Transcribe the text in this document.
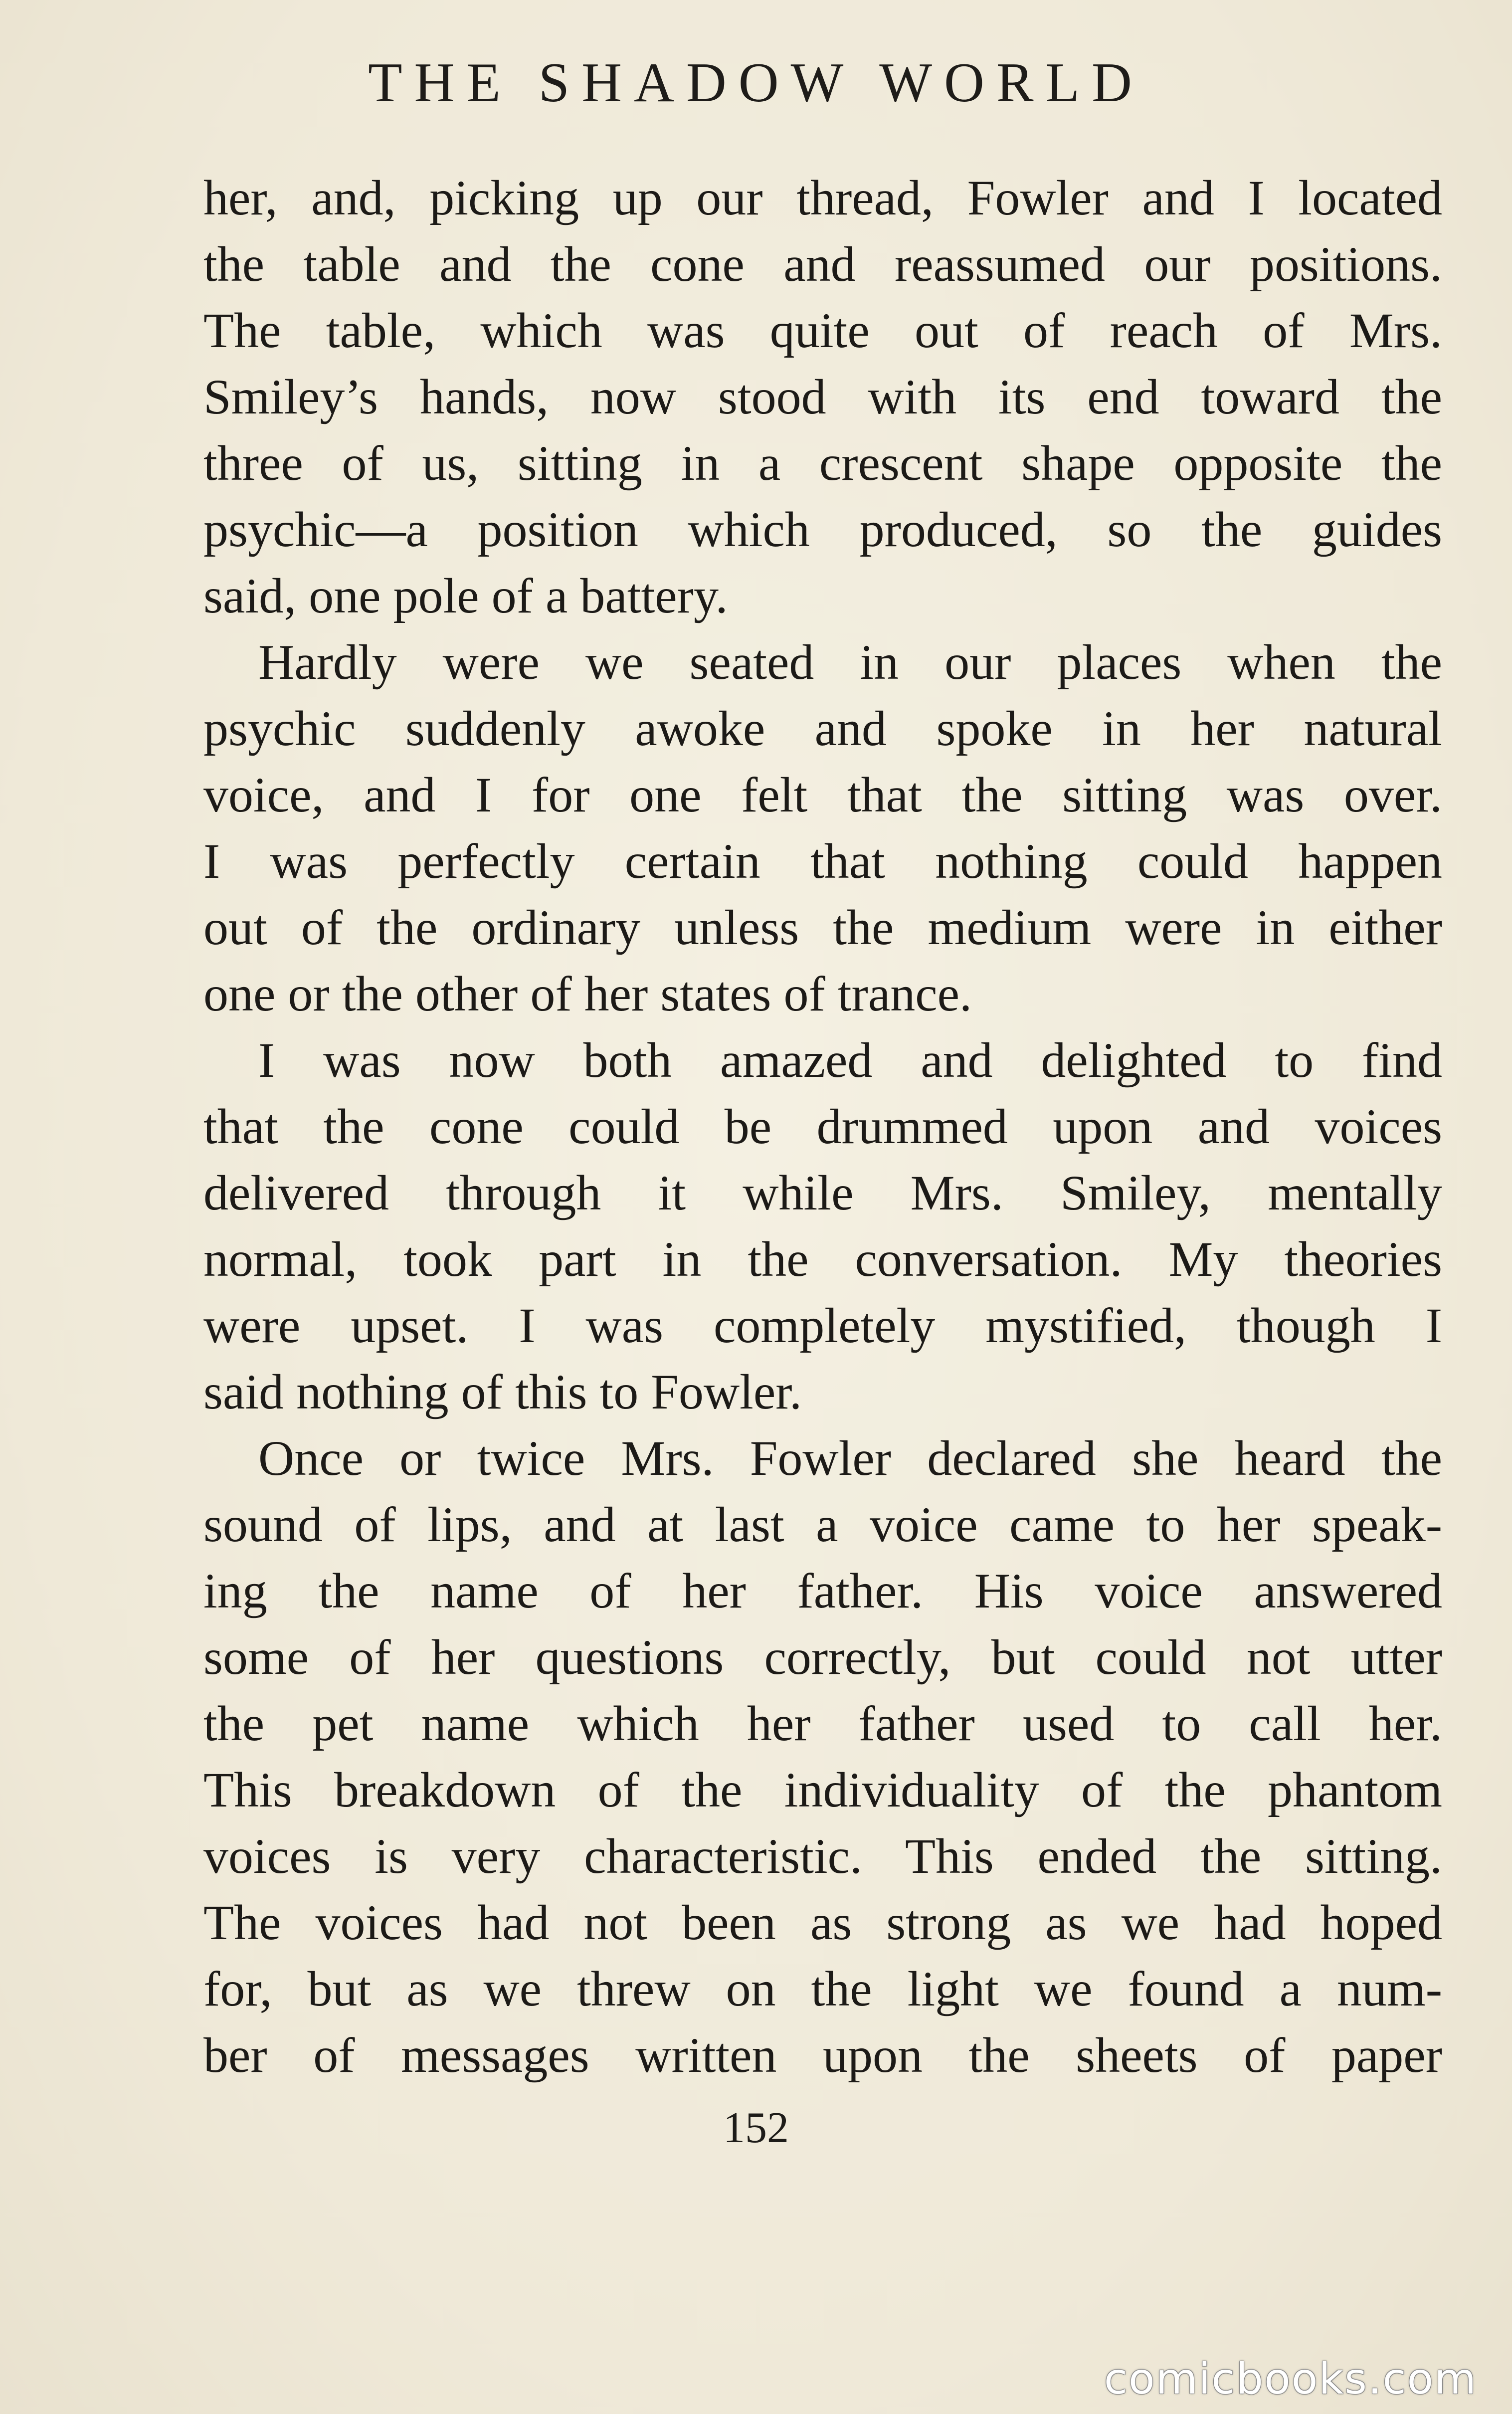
THE SHADOW WORLD
her, and, picking up our thread, Fowler and I located
the table and the cone and reassumed our positions.
The table, which was quite out of reach of Mrs.
Smiley’s hands, now stood with its end toward the
three of us, sitting in a crescent shape opposite the
psychic—a position which produced, so the guides
said, one pole of a battery.
Hardly were we seated in our places when the
psychic suddenly awoke and spoke in her natural
voice, and I for one felt that the sitting was over.
I was perfectly certain that nothing could happen
out of the ordinary unless the medium were in either
one or the other of her states of trance.
I was now both amazed and delighted to find
that the cone could be drummed upon and voices
delivered through it while Mrs. Smiley, mentally
normal, took part in the conversation. My theories
were upset. I was completely mystified, though I
said nothing of this to Fowler.
Once or twice Mrs. Fowler declared she heard the
sound of lips, and at last a voice came to her speak-
ing the name of her father. His voice answered
some of her questions correctly, but could not utter
the pet name which her father used to call her.
This breakdown of the individuality of the phantom
voices is very characteristic. This ended the sitting.
The voices had not been as strong as we had hoped
for, but as we threw on the light we found a num-
ber of messages written upon the sheets of paper
152
comicbooks.com
